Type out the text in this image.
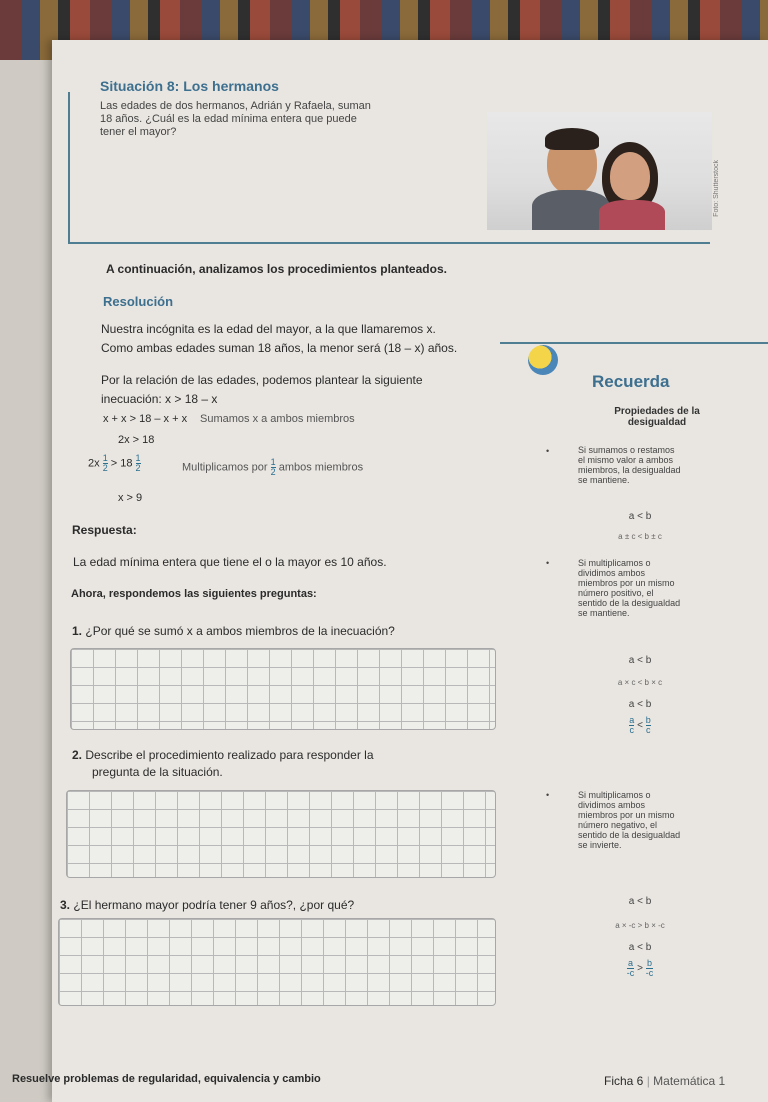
Situación 8: Los hermanos
Las edades de dos hermanos, Adrián y Rafaela, suman
18 años. ¿Cuál es la edad mínima entera que puede
tener el mayor?
Foto: Shutterstock
A continuación, analizamos los procedimientos planteados.
Resolución
Nuestra incógnita es la edad del mayor, a la que llamaremos x.
Como ambas edades suman 18 años, la menor será (18 – x) años.
Por la relación de las edades, podemos plantear la siguiente
inecuación: x > 18 – x
x + x > 18 – x + x Sumamos x a ambos miembros
2x > 18
$2x \frac{1}{2} > 18 \frac{1}{2}$	Multiplicamos por $\frac{1}{2}$ ambos miembros
x > 9
Respuesta:
La edad mínima entera que tiene el o la mayor es 10 años.
Ahora, respondemos las siguientes preguntas:
1. ¿Por qué se sumó x a ambos miembros de la inecuación?
2. Describe el procedimiento realizado para responder la
pregunta de la situación.
3. ¿El hermano mayor podría tener 9 años?, ¿por qué?
Recuerda
Propiedades de la
desigualdad
•	Si sumamos o restamos
el mismo valor a ambos
miembros, la desigualdad
se mantiene.
a < b
a ± c < b ± c
•	Si multiplicamos o
dividimos ambos
miembros por un mismo
número positivo, el
sentido de la desigualdad
se mantiene.
a < b
a × c < b × c
a < b
$\frac{a}{c} < \frac{b}{c}$
•	Si multiplicamos o
dividimos ambos
miembros por un mismo
número negativo, el
sentido de la desigualdad
se invierte.
a < b
a × -c > b × -c
a < b
$\frac{a}{-c} > \frac{b}{-c}$
Resuelve problemas de regularidad, equivalencia y cambio	Ficha 6 | Matemática 1
